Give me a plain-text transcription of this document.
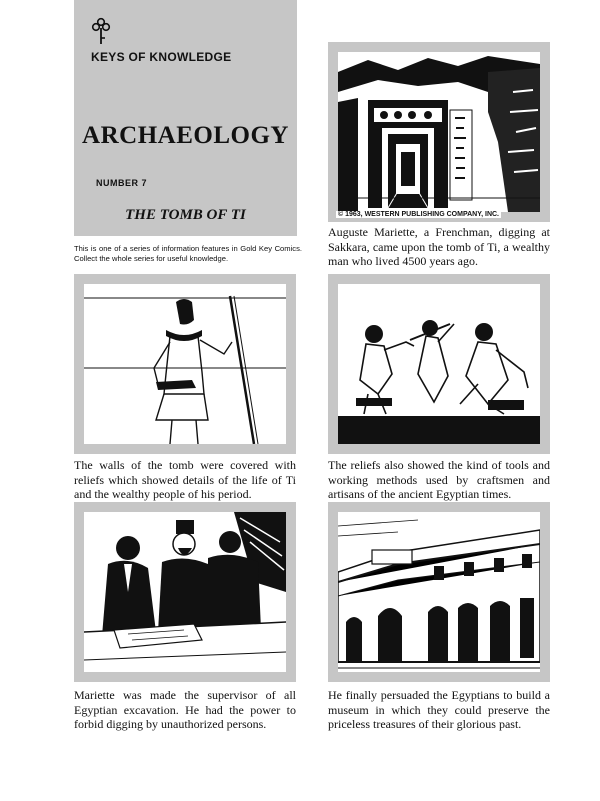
KEYS OF KNOWLEDGE
ARCHAEOLOGY
NUMBER 7
THE TOMB OF TI
This is one of a series of information features in Gold Key Comics. Collect the whole series for useful knowledge.
© 1963, WESTERN PUBLISHING COMPANY, INC.
Auguste Mariette, a Frenchman, digging at Sakkara, came upon the tomb of Ti, a wealthy man who lived 4500 years ago.
The walls of the tomb were covered with reliefs which showed details of the life of Ti and the wealthy people of his period.
The reliefs also showed the kind of tools and working methods used by craftsmen and artisans of the ancient Egyptian times.
Mariette was made the supervisor of all Egyptian excavation. He had the power to forbid digging by unauthorized persons.
He finally persuaded the Egyptians to build a museum in which they could preserve the priceless treasures of their glorious past.
